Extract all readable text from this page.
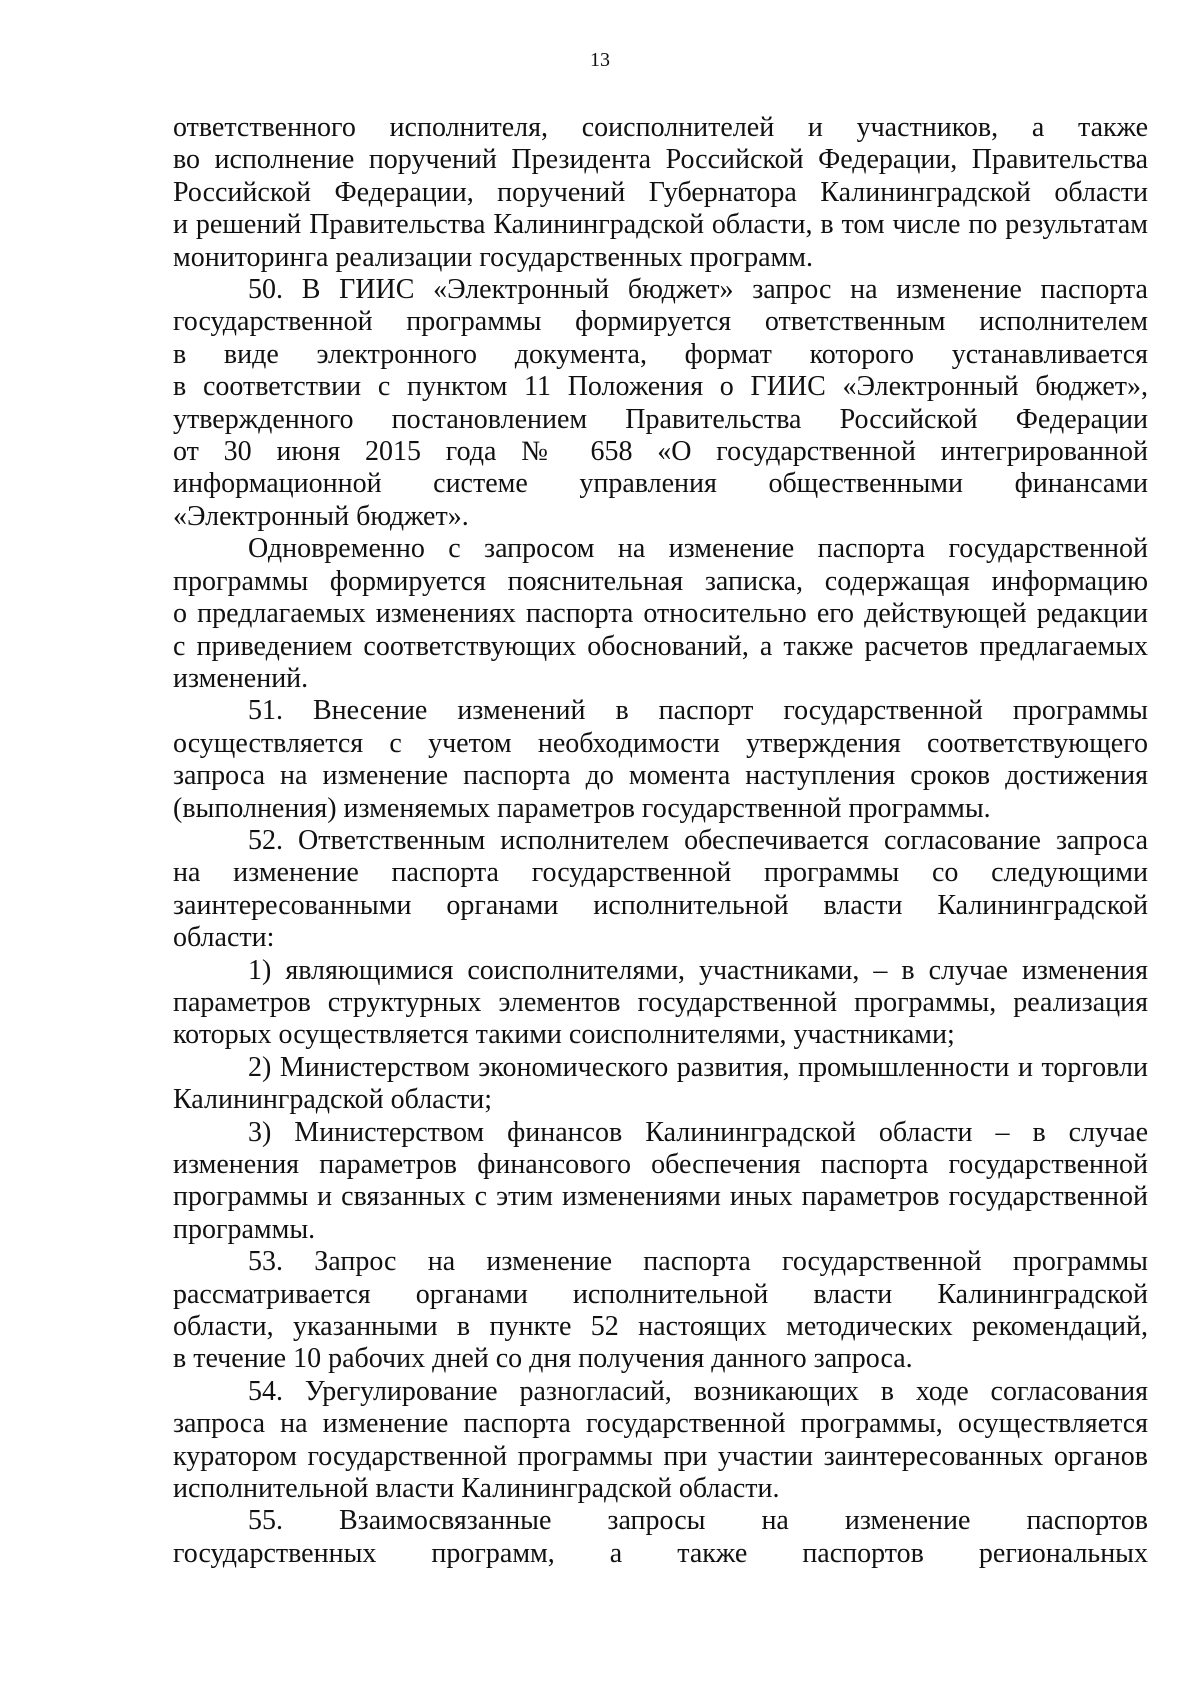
13
ответственного исполнителя, соисполнителей и участников, а также
во исполнение поручений Президента Российской Федерации, Правительства
Российской Федерации, поручений Губернатора Калининградской области
и решений Правительства Калининградской области, в том числе по результатам
мониторинга реализации государственных программ.
50. В ГИИС «Электронный бюджет» запрос на изменение паспорта
государственной программы формируется ответственным исполнителем
в виде электронного документа, формат которого устанавливается
в соответствии с пунктом 11 Положения о ГИИС «Электронный бюджет»,
утвержденного постановлением Правительства Российской Федерации
от 30 июня 2015 года № 658 «О государственной интегрированной
информационной системе управления общественными финансами
«Электронный бюджет».
Одновременно с запросом на изменение паспорта государственной
программы формируется пояснительная записка, содержащая информацию
о предлагаемых изменениях паспорта относительно его действующей редакции
с приведением соответствующих обоснований, а также расчетов предлагаемых
изменений.
51. Внесение изменений в паспорт государственной программы
осуществляется с учетом необходимости утверждения соответствующего
запроса на изменение паспорта до момента наступления сроков достижения
(выполнения) изменяемых параметров государственной программы.
52. Ответственным исполнителем обеспечивается согласование запроса
на изменение паспорта государственной программы со следующими
заинтересованными органами исполнительной власти Калининградской
области:
1) являющимися соисполнителями, участниками, – в случае изменения
параметров структурных элементов государственной программы, реализация
которых осуществляется такими соисполнителями, участниками;
2) Министерством экономического развития, промышленности и торговли
Калининградской области;
3) Министерством финансов Калининградской области – в случае
изменения параметров финансового обеспечения паспорта государственной
программы и связанных с этим изменениями иных параметров государственной
программы.
53. Запрос на изменение паспорта государственной программы
рассматривается органами исполнительной власти Калининградской
области, указанными в пункте 52 настоящих методических рекомендаций,
в течение 10 рабочих дней со дня получения данного запроса.
54. Урегулирование разногласий, возникающих в ходе согласования
запроса на изменение паспорта государственной программы, осуществляется
куратором государственной программы при участии заинтересованных органов
исполнительной власти Калининградской области.
55. Взаимосвязанные запросы на изменение паспортов
государственных программ, а также паспортов региональных
